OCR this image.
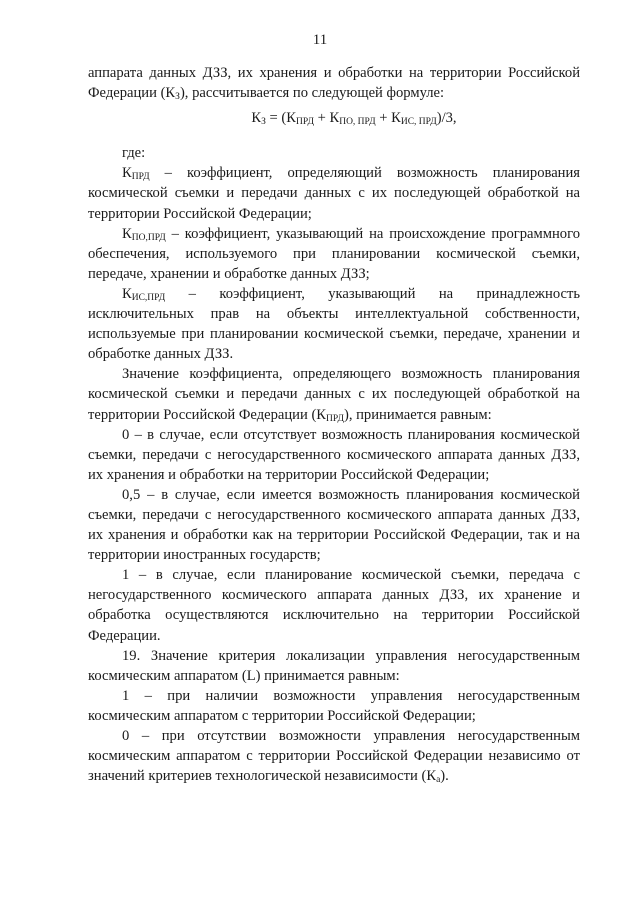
11

аппарата данных ДЗЗ, их хранения и обработки на территории Российской Федерации $(К_З)$, рассчитывается по следующей формуле:

$К_З = (К_{ПРД} + К_{ПО, ПРД} + К_{ИС, ПРД})/3$,

где:

$К_{ПРД}$ – коэффициент, определяющий возможность планирования космической съемки и передачи данных с их последующей обработкой на территории Российской Федерации;

$К_{ПО,ПРД}$ – коэффициент, указывающий на происхождение программного обеспечения, используемого при планировании космической съемки, передаче, хранении и обработке данных ДЗЗ;

$К_{ИС,ПРД}$ – коэффициент, указывающий на принадлежность исключительных прав на объекты интеллектуальной собственности, используемые при планировании космической съемки, передаче, хранении и обработке данных ДЗЗ.

Значение коэффициента, определяющего возможность планирования космической съемки и передачи данных с их последующей обработкой на территории Российской Федерации $(К_{ПРД})$, принимается равным:

0 – в случае, если отсутствует возможность планирования космической съемки, передачи с негосударственного космического аппарата данных ДЗЗ, их хранения и обработки на территории Российской Федерации;

0,5 – в случае, если имеется возможность планирования космической съемки, передачи с негосударственного космического аппарата данных ДЗЗ, их хранения и обработки как на территории Российской Федерации, так и на территории иностранных государств;

1 – в случае, если планирование космической съемки, передача с негосударственного космического аппарата данных ДЗЗ, их хранение и обработка осуществляются исключительно на территории Российской Федерации.

19. Значение критерия локализации управления негосударственным космическим аппаратом (L) принимается равным:

1 – при наличии возможности управления негосударственным космическим аппаратом с территории Российской Федерации;

0 – при отсутствии возможности управления негосударственным космическим аппаратом с территории Российской Федерации независимо от значений критериев технологической независимости $(К_а)$.
